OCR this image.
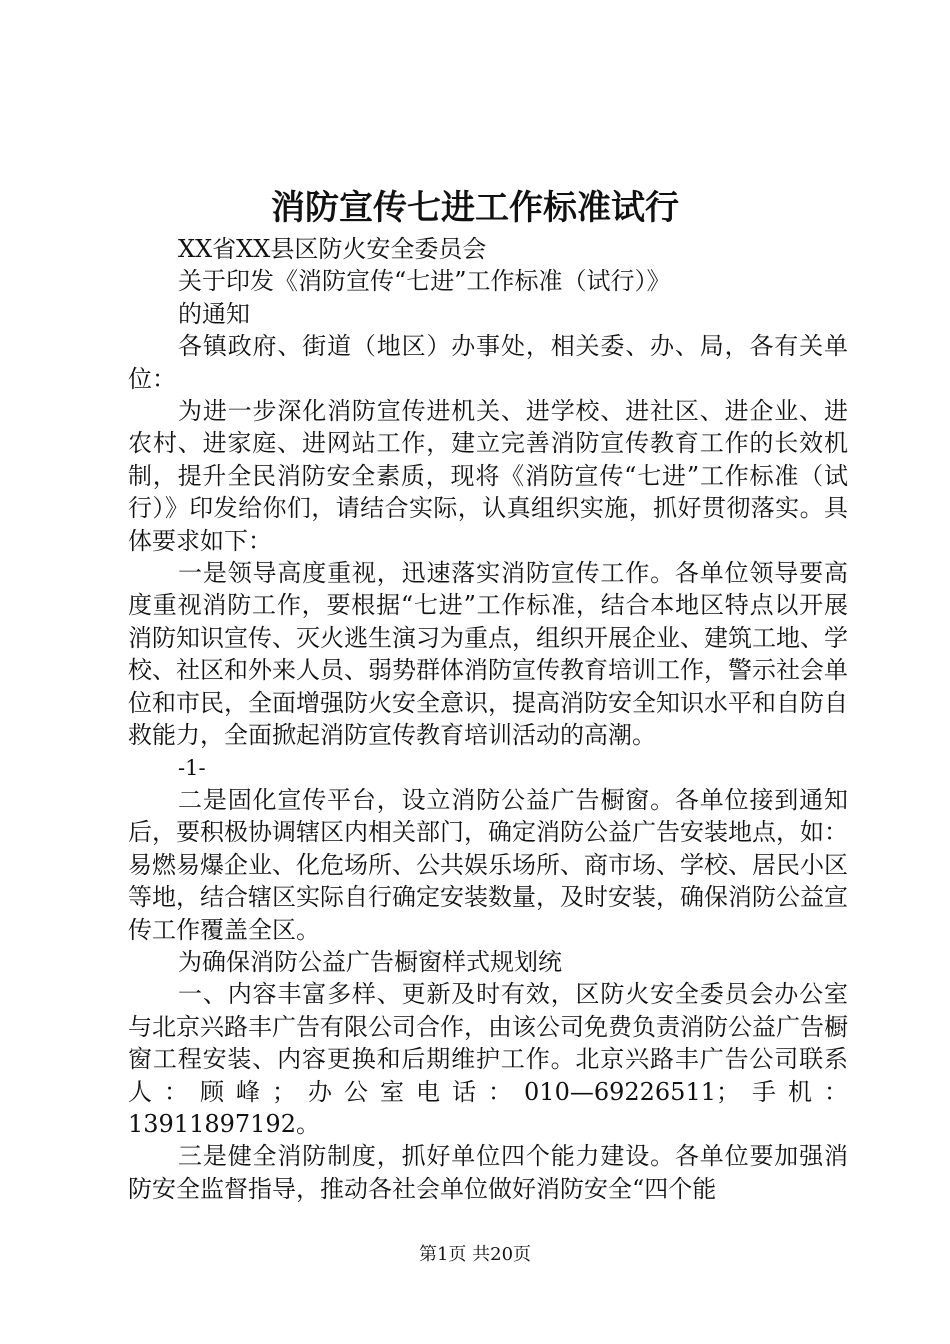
消防宣传七进工作标准试行

XX省XX县区防火安全委员会

关于印发《消防宣传“七进”工作标准（试行）》

的通知

各镇政府、街道（地区）办事处，相关委、办、局，各有关单位：

为进一步深化消防宣传进机关、进学校、进社区、进企业、进农村、进家庭、进网站工作，建立完善消防宣传教育工作的长效机制，提升全民消防安全素质，现将《消防宣传“七进”工作标准（试行）》印发给你们，请结合实际，认真组织实施，抓好贯彻落实。具体要求如下：

一是领导高度重视，迅速落实消防宣传工作。各单位领导要高度重视消防工作，要根据“七进”工作标准，结合本地区特点以开展消防知识宣传、灭火逃生演习为重点，组织开展企业、建筑工地、学校、社区和外来人员、弱势群体消防宣传教育培训工作，警示社会单位和市民，全面增强防火安全意识，提高消防安全知识水平和自防自救能力，全面掀起消防宣传教育培训活动的高潮。

-1-

二是固化宣传平台，设立消防公益广告橱窗。各单位接到通知后，要积极协调辖区内相关部门，确定消防公益广告安装地点，如：易燃易爆企业、化危场所、公共娱乐场所、商市场、学校、居民小区等地，结合辖区实际自行确定安装数量，及时安装，确保消防公益宣传工作覆盖全区。

为确保消防公益广告橱窗样式规划统

一、内容丰富多样、更新及时有效，区防火安全委员会办公室与北京兴路丰广告有限公司合作，由该公司免费负责消防公益广告橱窗工程安装、内容更换和后期维护工作。北京兴路丰广告公司联系人：顾峰；办公室电话：010—69226511；手机：13911897192。

三是健全消防制度，抓好单位四个能力建设。各单位要加强消防安全监督指导，推动各社会单位做好消防安全“四个能

第1页 共20页
